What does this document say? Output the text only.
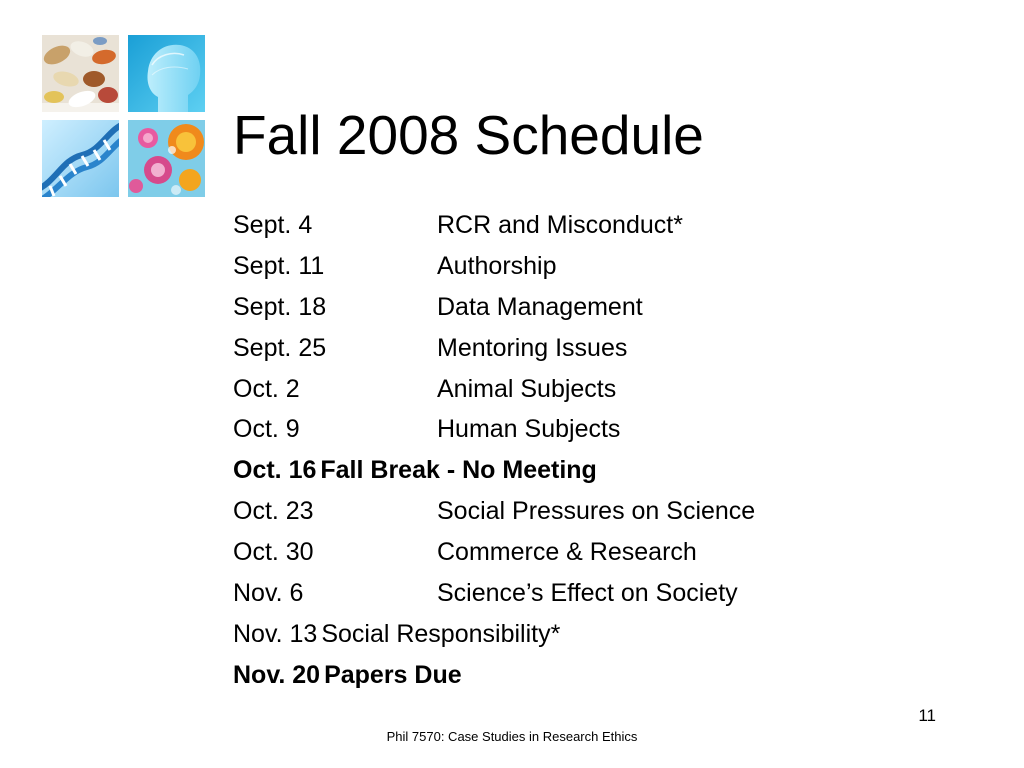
Fall 2008 Schedule
Sept. 4	RCR and Misconduct*
Sept. 11	Authorship
Sept. 18	Data Management
Sept. 25	Mentoring Issues
Oct. 2	Animal Subjects
Oct. 9	Human Subjects
Oct. 16 Fall Break - No Meeting
Oct. 23	Social Pressures on Science
Oct. 30	Commerce & Research
Nov. 6	Science’s Effect on Society
Nov. 13 Social Responsibility*
Nov. 20 Papers Due
11
Phil 7570: Case Studies in Research Ethics
